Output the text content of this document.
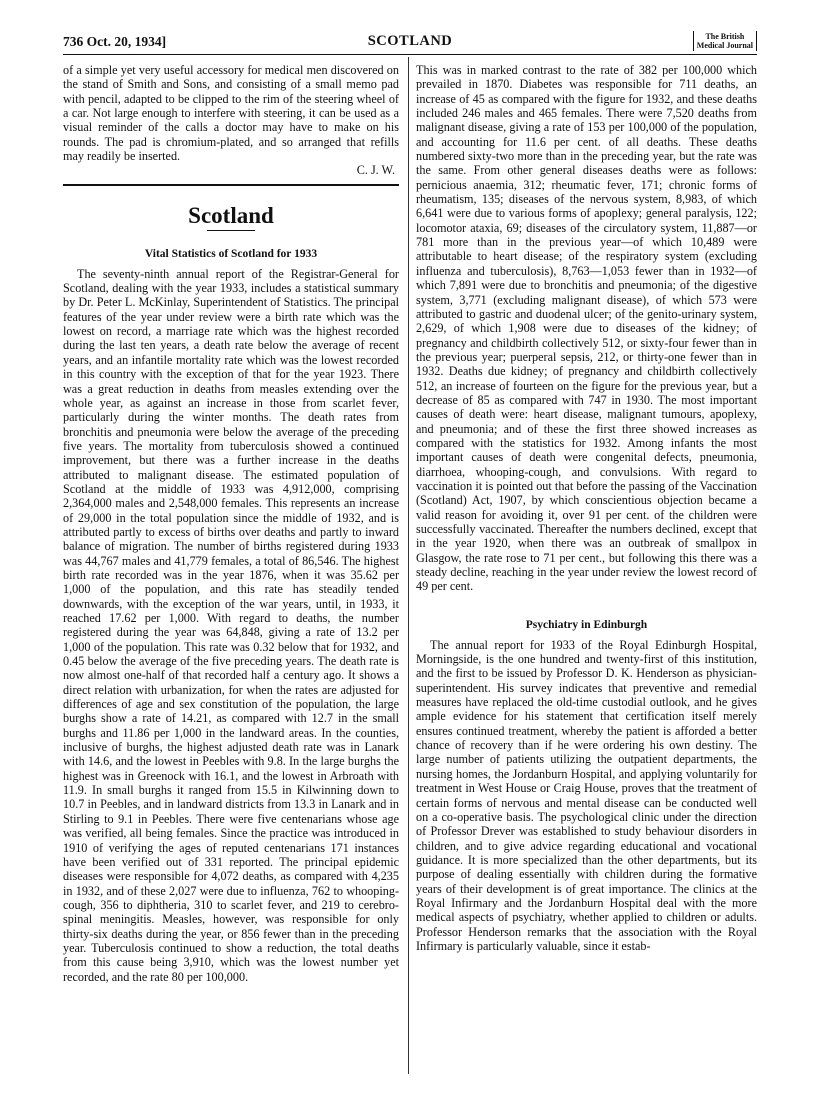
736 Oct. 20, 1934]	SCOTLAND	The British
Medical Journal

of a simple yet very useful accessory for medical men discovered on the stand of Smith and Sons, and consisting of a small memo pad with pencil, adapted to be clipped to the rim of the steering wheel of a car. Not large enough to interfere with steering, it can be used as a visual reminder of the calls a doctor may have to make on his rounds. The pad is chromium-plated, and so arranged that refills may readily be inserted.

C. J. W.

Scotland
Vital Statistics of Scotland for 1933

The seventy-ninth annual report of the Registrar-General for Scotland, dealing with the year 1933, includes a statistical summary by Dr. Peter L. McKinlay, Superintendent of Statistics. The principal features of the year under review were a birth rate which was the lowest on record, a marriage rate which was the highest recorded during the last ten years, a death rate below the average of recent years, and an infantile mortality rate which was the lowest recorded in this country with the exception of that for the year 1923. There was a great reduction in deaths from measles extending over the whole year, as against an increase in those from scarlet fever, particularly during the winter months. The death rates from bronchitis and pneumonia were below the average of the preceding five years. The mortality from tuberculosis showed a continued improvement, but there was a further increase in the deaths attributed to malignant disease. The estimated population of Scotland at the middle of 1933 was 4,912,000, comprising 2,364,000 males and 2,548,000 females. This represents an increase of 29,000 in the total population since the middle of 1932, and is attributed partly to excess of births over deaths and partly to inward balance of migration. The number of births registered during 1933 was 44,767 males and 41,779 females, a total of 86,546. The highest birth rate recorded was in the year 1876, when it was 35.62 per 1,000 of the population, and this rate has steadily tended downwards, with the exception of the war years, until, in 1933, it reached 17.62 per 1,000. With regard to deaths, the number registered during the year was 64,848, giving a rate of 13.2 per 1,000 of the population. This rate was 0.32 below that for 1932, and 0.45 below the average of the five preceding years. The death rate is now almost one-half of that recorded half a century ago. It shows a direct relation with urbanization, for when the rates are adjusted for differences of age and sex constitution of the population, the large burghs show a rate of 14.21, as compared with 12.7 in the small burghs and 11.86 per 1,000 in the landward areas. In the counties, inclusive of burghs, the highest adjusted death rate was in Lanark with 14.6, and the lowest in Peebles with 9.8. In the large burghs the highest was in Greenock with 16.1, and the lowest in Arbroath with 11.9. In small burghs it ranged from 15.5 in Kilwinning down to 10.7 in Peebles, and in landward districts from 13.3 in Lanark and in Stirling to 9.1 in Peebles. There were five centenarians whose age was verified, all being females. Since the practice was introduced in 1910 of verifying the ages of reputed centenarians 171 instances have been verified out of 331 reported. The principal epidemic diseases were responsible for 4,072 deaths, as compared with 4,235 in 1932, and of these 2,027 were due to influenza, 762 to whooping-cough, 356 to diphtheria, 310 to scarlet fever, and 219 to cerebro-spinal meningitis. Measles, however, was responsible for only thirty-six deaths during the year, or 856 fewer than in the preceding year. Tuberculosis continued to show a reduction, the total deaths from this cause being 3,910, which was the lowest number yet recorded, and the rate 80 per 100,000.

This was in marked contrast to the rate of 382 per 100,000 which prevailed in 1870. Diabetes was responsible for 711 deaths, an increase of 45 as compared with the figure for 1932, and these deaths included 246 males and 465 females. There were 7,520 deaths from malignant disease, giving a rate of 153 per 100,000 of the population, and accounting for 11.6 per cent. of all deaths. These deaths numbered sixty-two more than in the preceding year, but the rate was the same. From other general diseases deaths were as follows: pernicious anaemia, 312; rheumatic fever, 171; chronic forms of rheumatism, 135; diseases of the nervous system, 8,983, of which 6,641 were due to various forms of apoplexy; general paralysis, 122; locomotor ataxia, 69; diseases of the circulatory system, 11,887—or 781 more than in the previous year—of which 10,489 were attributable to heart disease; of the respiratory system (excluding influenza and tuberculosis), 8,763—1,053 fewer than in 1932—of which 7,891 were due to bronchitis and pneumonia; of the digestive system, 3,771 (excluding malignant disease), of which 573 were attributed to gastric and duodenal ulcer; of the genito-urinary system, 2,629, of which 1,908 were due to diseases of the kidney; of pregnancy and childbirth collectively 512, or sixty-four fewer than in the previous year; puerperal sepsis, 212, or thirty-one fewer than in 1932. Deaths due kidney; of pregnancy and childbirth collectively 512, an increase of fourteen on the figure for the previous year, but a decrease of 85 as compared with 747 in 1930. The most important causes of death were: heart disease, malignant tumours, apoplexy, and pneumonia; and of these the first three showed increases as compared with the statistics for 1932. Among infants the most important causes of death were congenital defects, pneumonia, diarrhoea, whooping-cough, and convulsions. With regard to vaccination it is pointed out that before the passing of the Vaccination (Scotland) Act, 1907, by which conscientious objection became a valid reason for avoiding it, over 91 per cent. of the children were successfully vaccinated. Thereafter the numbers declined, except that in the year 1920, when there was an outbreak of smallpox in Glasgow, the rate rose to 71 per cent., but following this there was a steady decline, reaching in the year under review the lowest record of 49 per cent.

Psychiatry in Edinburgh

The annual report for 1933 of the Royal Edinburgh Hospital, Morningside, is the one hundred and twenty-first of this institution, and the first to be issued by Professor D. K. Henderson as physician-superintendent. His survey indicates that preventive and remedial measures have replaced the old-time custodial outlook, and he gives ample evidence for his statement that certification itself merely ensures continued treatment, whereby the patient is afforded a better chance of recovery than if he were ordering his own destiny. The large number of patients utilizing the outpatient departments, the nursing homes, the Jordanburn Hospital, and applying voluntarily for treatment in West House or Craig House, proves that the treatment of certain forms of nervous and mental disease can be conducted well on a co-operative basis. The psychological clinic under the direction of Professor Drever was established to study behaviour disorders in children, and to give advice regarding educational and vocational guidance. It is more specialized than the other departments, but its purpose of dealing essentially with children during the formative years of their development is of great importance. The clinics at the Royal Infirmary and the Jordanburn Hospital deal with the more medical aspects of psychiatry, whether applied to children or adults. Professor Henderson remarks that the association with the Royal Infirmary is particularly valuable, since it estab-
